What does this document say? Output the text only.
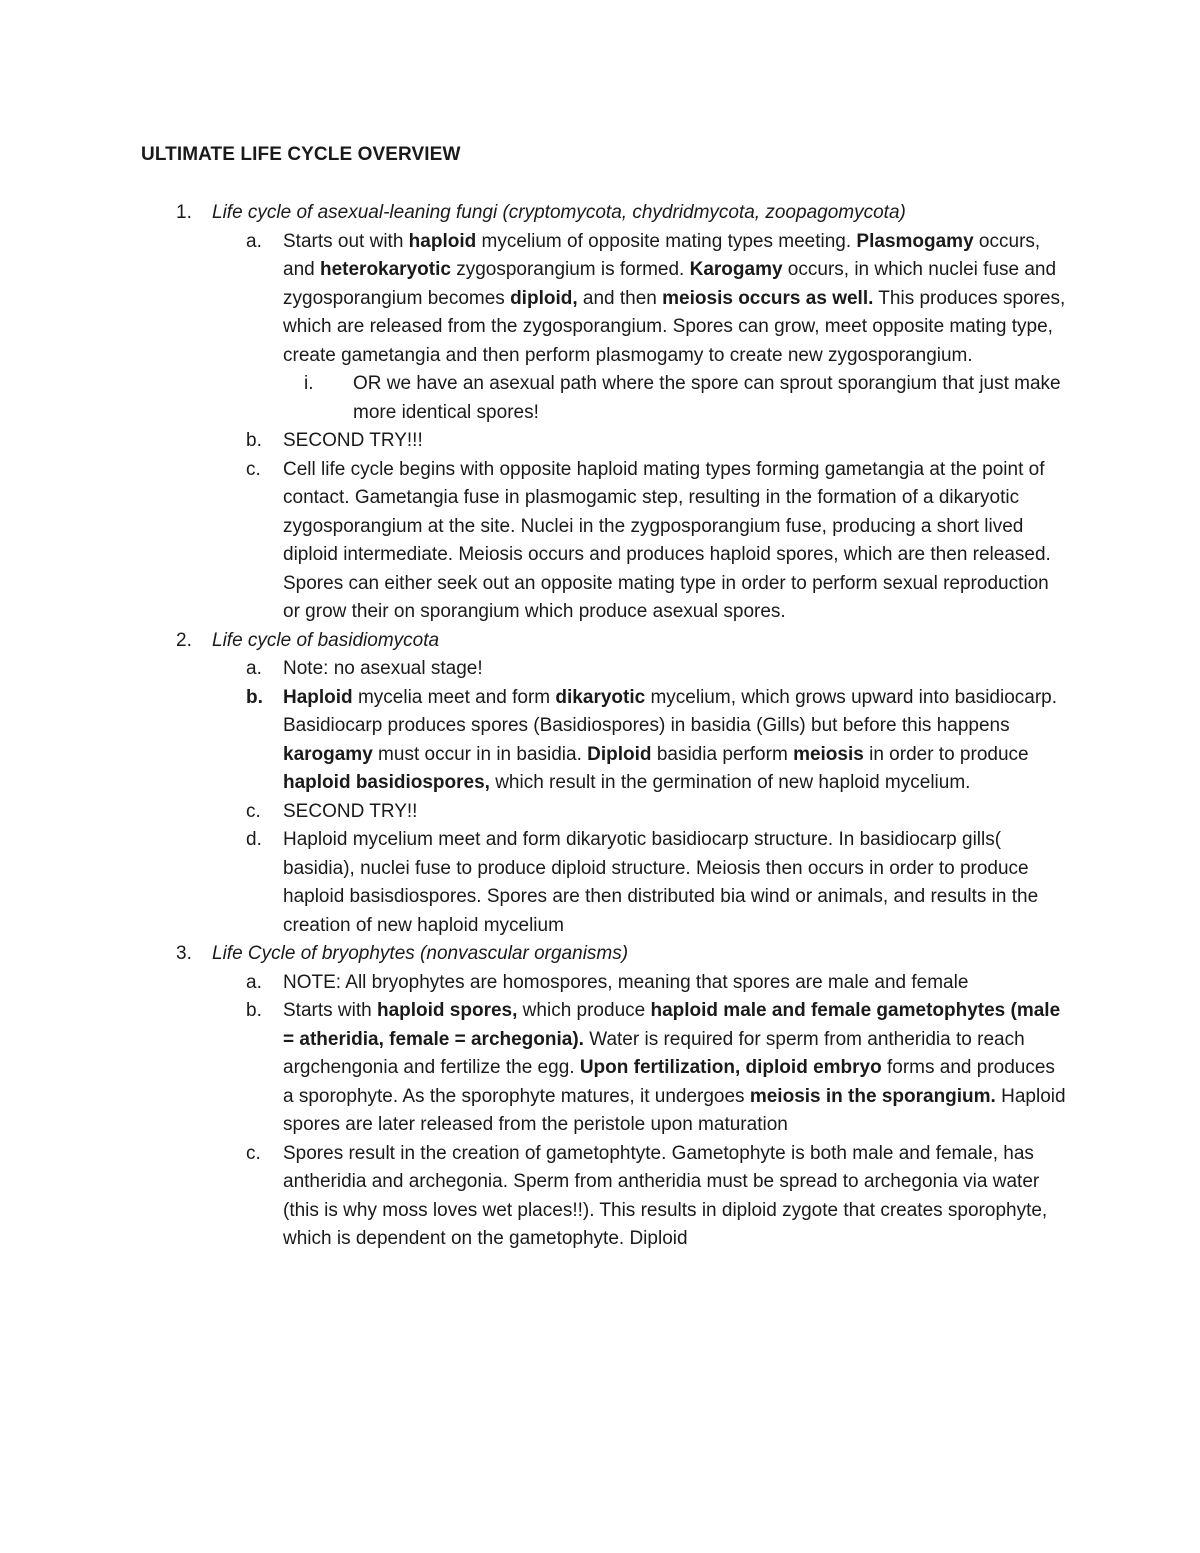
ULTIMATE LIFE CYCLE OVERVIEW
1. Life cycle of asexual-leaning fungi (cryptomycota, chydridmycota, zoopagomycota)
a. Starts out with haploid mycelium of opposite mating types meeting. Plasmogamy occurs, and heterokaryotic zygosporangium is formed. Karogamy occurs, in which nuclei fuse and zygosporangium becomes diploid, and then meiosis occurs as well. This produces spores, which are released from the zygosporangium. Spores can grow, meet opposite mating type, create gametangia and then perform plasmogamy to create new zygosporangium.
i. OR we have an asexual path where the spore can sprout sporangium that just make more identical spores!
b. SECOND TRY!!!
c. Cell life cycle begins with opposite haploid mating types forming gametangia at the point of contact. Gametangia fuse in plasmogamic step, resulting in the formation of a dikaryotic zygosporangium at the site. Nuclei in the zygposporangium fuse, producing a short lived diploid intermediate. Meiosis occurs and produces haploid spores, which are then released. Spores can either seek out an opposite mating type in order to perform sexual reproduction or grow their on sporangium which produce asexual spores.
2. Life cycle of basidiomycota
a. Note: no asexual stage!
b. Haploid mycelia meet and form dikaryotic mycelium, which grows upward into basidiocarp. Basidiocarp produces spores (Basidiospores) in basidia (Gills) but before this happens karogamy must occur in in basidia. Diploid basidia perform meiosis in order to produce haploid basidiospores, which result in the germination of new haploid mycelium.
c. SECOND TRY!!
d. Haploid mycelium meet and form dikaryotic basidiocarp structure. In basidiocarp gills( basidia), nuclei fuse to produce diploid structure. Meiosis then occurs in order to produce haploid basisdiospores. Spores are then distributed bia wind or animals, and results in the creation of new haploid mycelium
3. Life Cycle of bryophytes (nonvascular organisms)
a. NOTE: All bryophytes are homospores, meaning that spores are male and female
b. Starts with haploid spores, which produce haploid male and female gametophytes (male = atheridia, female = archegonia). Water is required for sperm from antheridia to reach argchengonia and fertilize the egg. Upon fertilization, diploid embryo forms and produces a sporophyte. As the sporophyte matures, it undergoes meiosis in the sporangium. Haploid spores are later released from the peristole upon maturation
c. Spores result in the creation of gametophtyte. Gametophyte is both male and female, has antheridia and archegonia. Sperm from antheridia must be spread to archegonia via water (this is why moss loves wet places!!). This results in diploid zygote that creates sporophyte, which is dependent on the gametophyte. Diploid
